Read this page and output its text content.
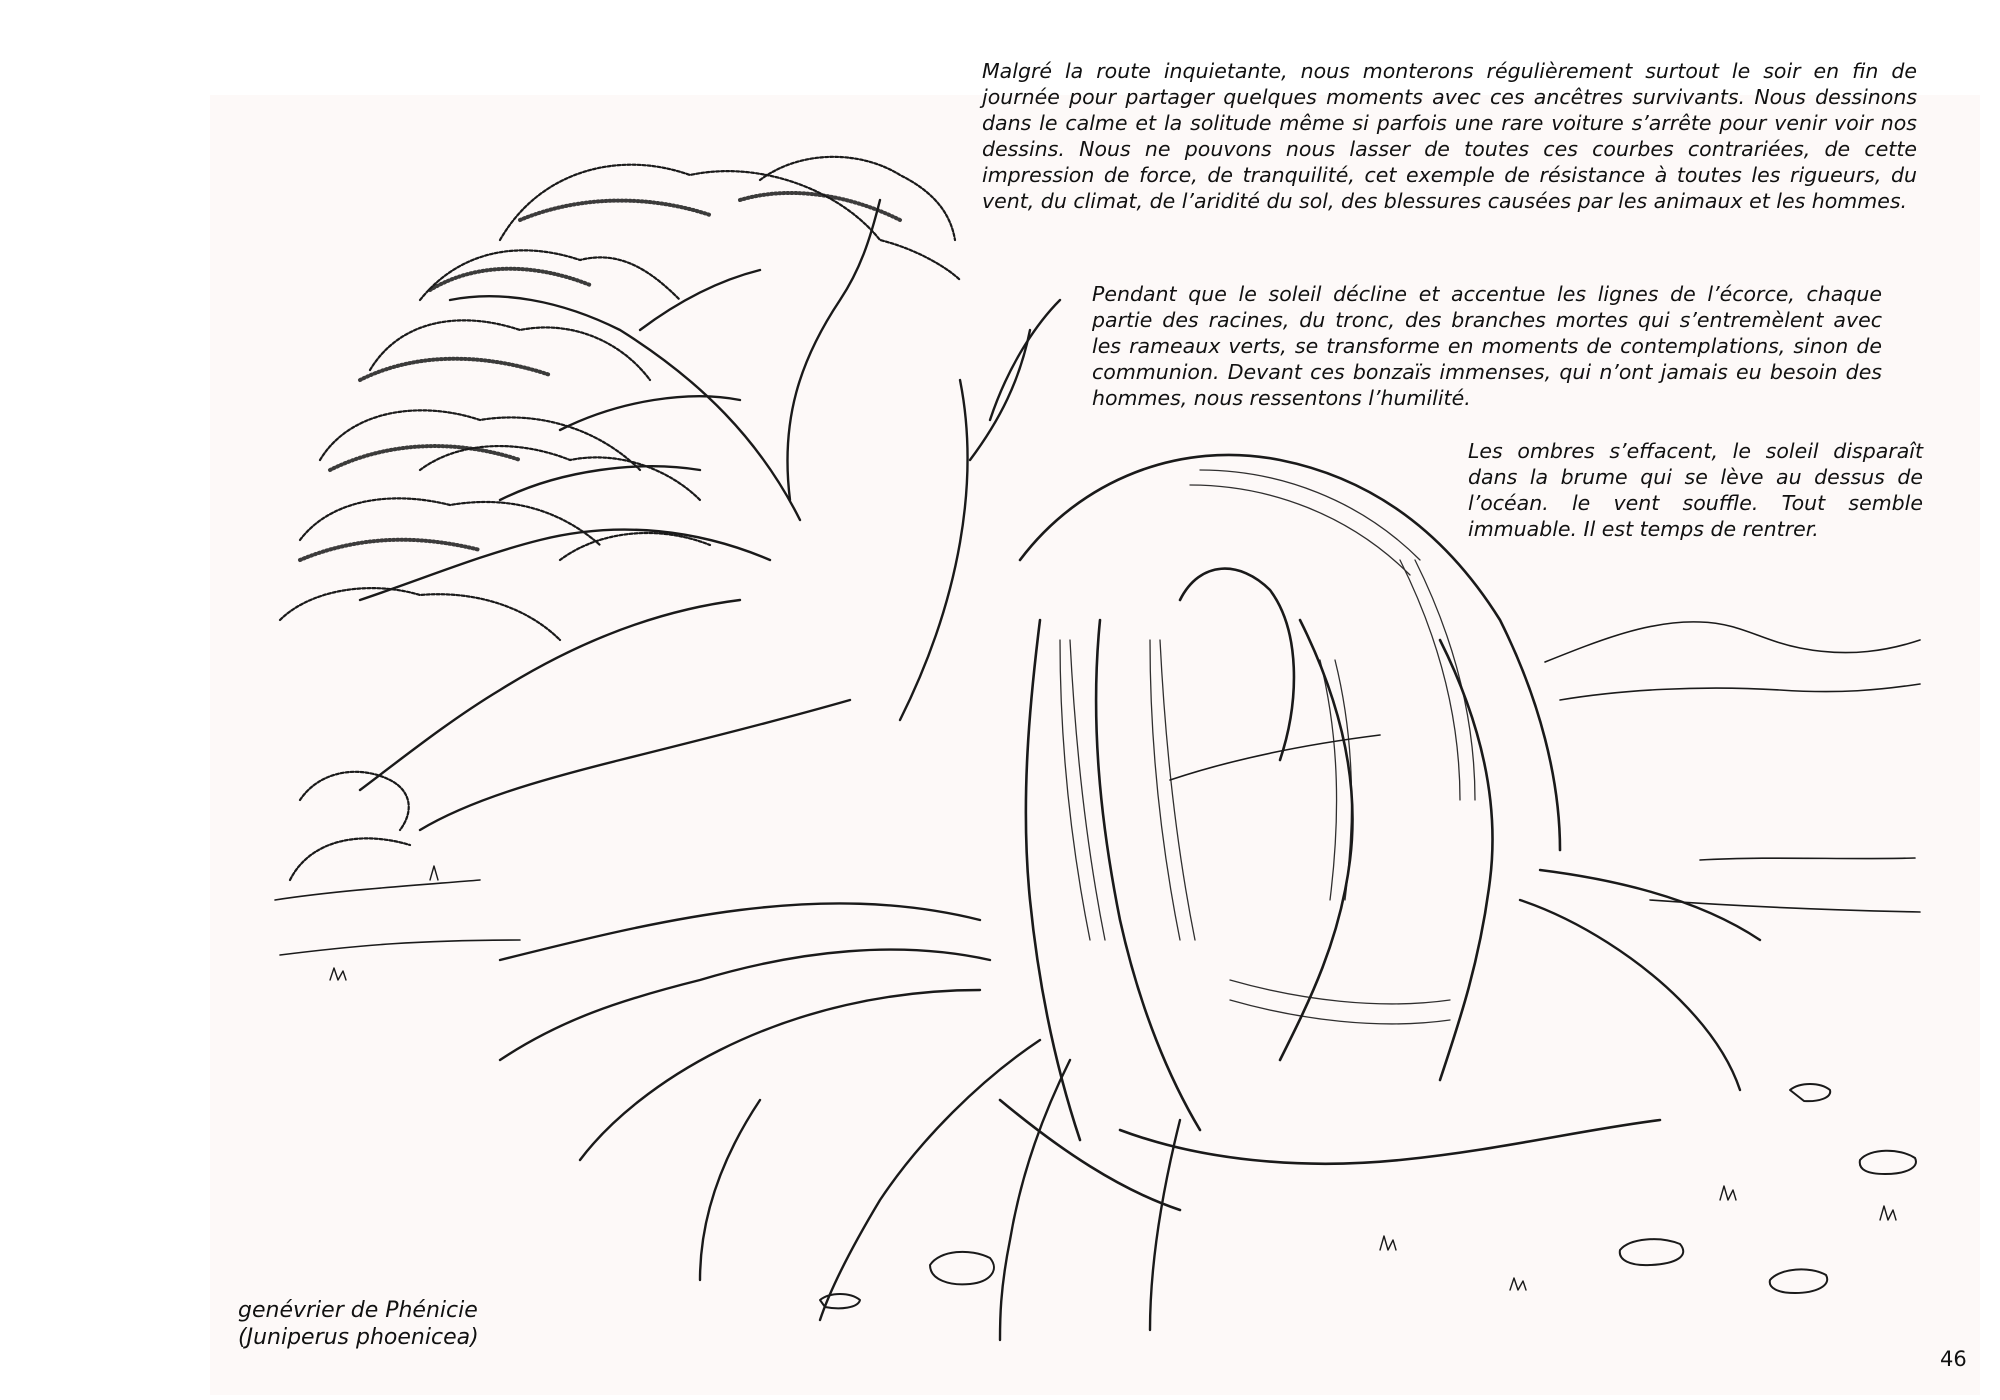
Malgré la route inquietante, nous monterons régulièrement surtout le soir en fin de journée pour partager quelques moments avec ces ancêtres survivants. Nous dessinons dans le calme et la solitude même si parfois une rare voiture s’arrête pour venir voir nos dessins. Nous ne pouvons nous lasser de toutes ces courbes contrariées, de cette impression de force, de tranquilité, cet exemple de résistance à toutes les rigueurs, du vent, du climat, de l’aridité du sol, des blessures causées par les animaux et les hommes.
Pendant que le soleil décline et accentue les lignes de l’écorce, chaque partie des racines, du tronc, des branches mortes qui s’entremèlent avec les rameaux verts, se transforme en moments de contemplations, sinon de communion. Devant ces bonzaïs immenses, qui n’ont jamais eu besoin des hommes, nous ressentons l’humilité.
Les ombres s’effacent, le soleil disparaît dans la brume qui se lève au dessus de l’océan. le vent souffle. Tout semble immuable. Il est temps de rentrer.
genévrier de Phénicie
(Juniperus phoenicea)
46
